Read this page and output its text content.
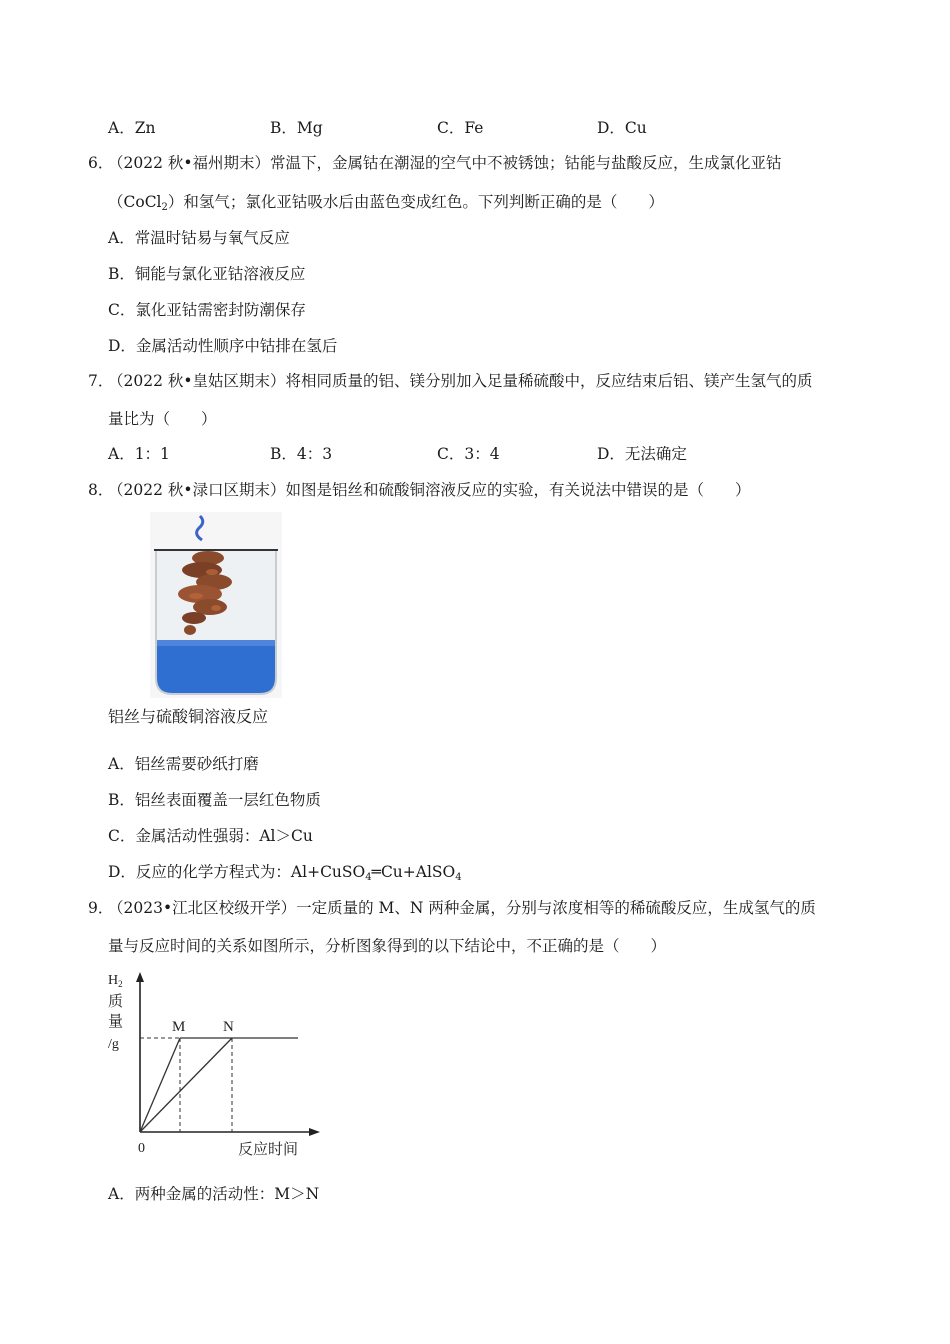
A．Zn	B．Mg	C．Fe	D．Cu
6．
（2022 秋•福州期末）常温下，金属钴在潮湿的空气中不被锈蚀；钴能与盐酸反应，生成氯化亚钴
（CoCl$_2$）和氢气；氯化亚钴吸水后由蓝色变成红色。下列判断正确的是（　　）
A．常温时钴易与氧气反应
B．铜能与氯化亚钴溶液反应
C．氯化亚钴需密封防潮保存
D．金属活动性顺序中钴排在氢后
7．
（2022 秋•皇姑区期末）将相同质量的铝、镁分别加入足量稀硫酸中，反应结束后铝、镁产生氢气的质
量比为（　　）
A．1：1	B．4：3	C．3：4	D．无法确定
8．
（2022 秋•渌口区期末）如图是铝丝和硫酸铜溶液反应的实验，有关说法中错误的是（　　）
铝丝与硫酸铜溶液反应
A．铝丝需要砂纸打磨
B．铝丝表面覆盖一层红色物质
C．金属活动性强弱：Al＞Cu
D．反应的化学方程式为：Al+CuSO$_4$═Cu+AlSO$_4$
9．
（2023•江北区校级开学）一定质量的 M、N 两种金属，分别与浓度相等的稀硫酸反应，生成氢气的质
量与反应时间的关系如图所示，分析图象得到的以下结论中，不正确的是（　　）
$H_2$
质
量
/g
M	N
0	反应时间
A．两种金属的活动性：M＞N
